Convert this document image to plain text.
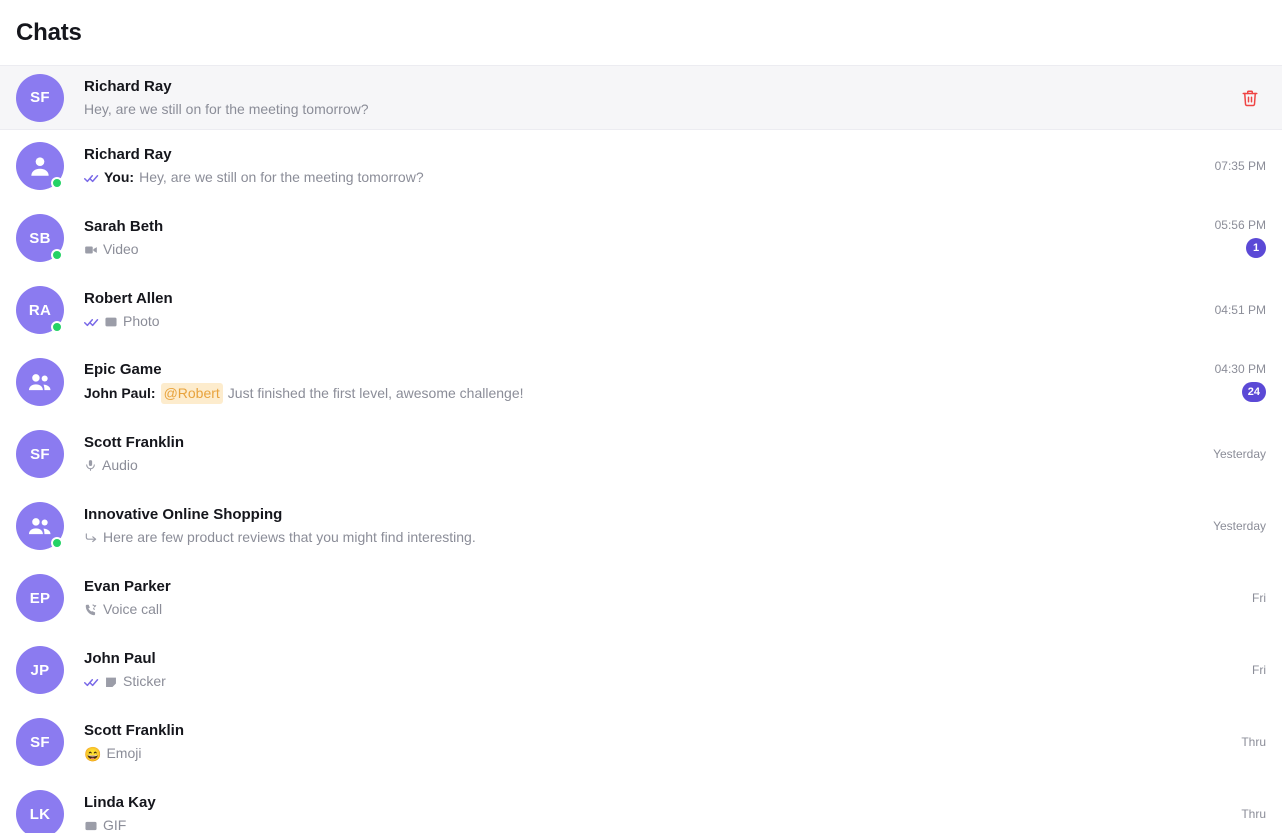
Chats
SF
Richard Ray
Hey, are we still on for the meeting tomorrow?
Richard Ray
You: Hey, are we still on for the meeting tomorrow?
07:35 PM
SB
Sarah Beth
Video
05:56 PM
1
RA
Robert Allen
Photo
04:51 PM
Epic Game
John Paul: @Robert Just finished the first level, awesome challenge!
04:30 PM
24
SF
Scott Franklin
Audio
Yesterday
Innovative Online Shopping
Here are few product reviews that you might find interesting.
Yesterday
EP
Evan Parker
Voice call
Fri
JP
John Paul
Sticker
Fri
SF
Scott Franklin
😄 Emoji
Thru
LK
Linda Kay
GIF
Thru
